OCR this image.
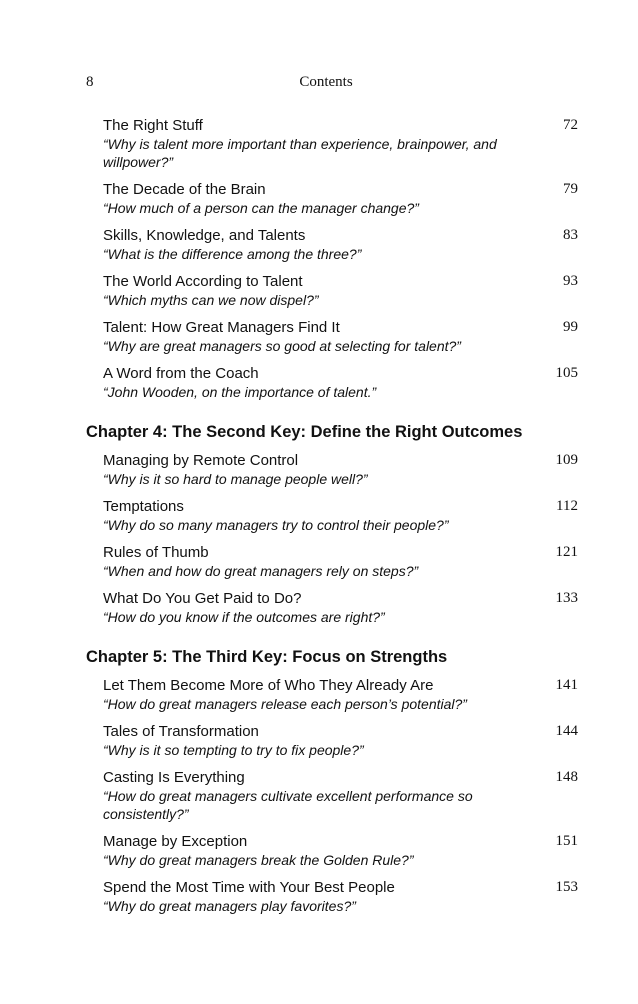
8	Contents
The Right Stuff
“Why is talent more important than experience, brainpower, and willpower?”
72
The Decade of the Brain
“How much of a person can the manager change?”
79
Skills, Knowledge, and Talents
“What is the difference among the three?”
83
The World According to Talent
“Which myths can we now dispel?”
93
Talent: How Great Managers Find It
“Why are great managers so good at selecting for talent?”
99
A Word from the Coach
“John Wooden, on the importance of talent.”
105
Chapter 4: The Second Key: Define the Right Outcomes
Managing by Remote Control
“Why is it so hard to manage people well?”
109
Temptations
“Why do so many managers try to control their people?”
112
Rules of Thumb
“When and how do great managers rely on steps?”
121
What Do You Get Paid to Do?
“How do you know if the outcomes are right?”
133
Chapter 5: The Third Key: Focus on Strengths
Let Them Become More of Who They Already Are
“How do great managers release each person’s potential?”
141
Tales of Transformation
“Why is it so tempting to try to fix people?”
144
Casting Is Everything
“How do great managers cultivate excellent performance so consistently?”
148
Manage by Exception
“Why do great managers break the Golden Rule?”
151
Spend the Most Time with Your Best People
“Why do great managers play favorites?”
153
